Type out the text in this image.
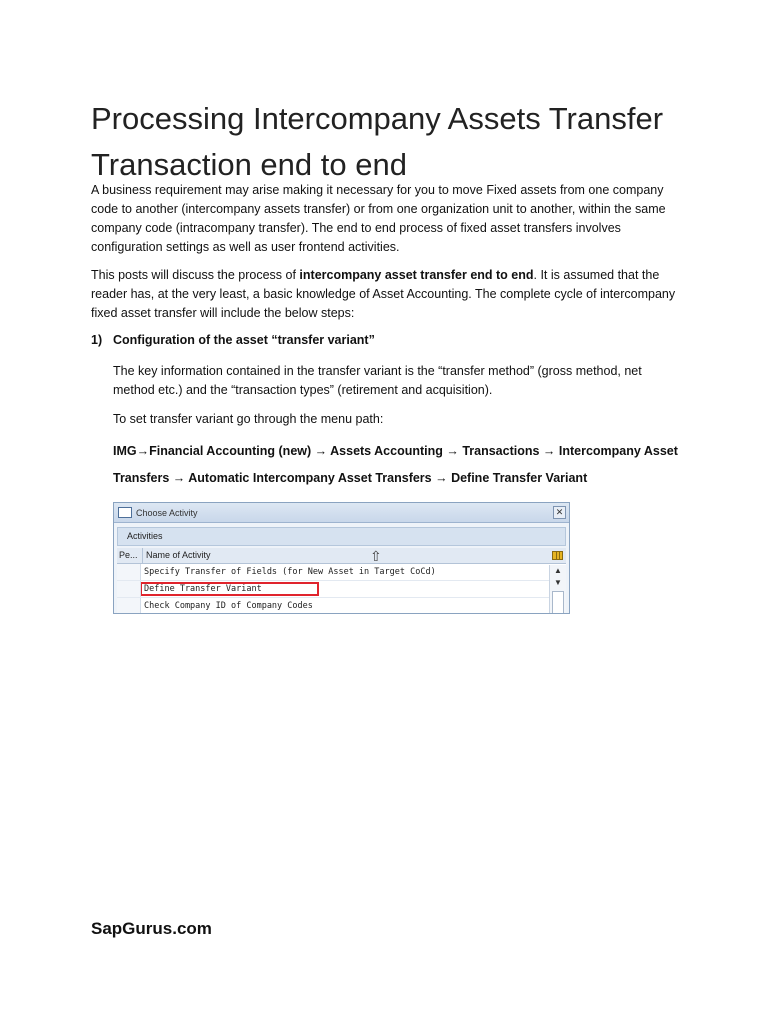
Processing Intercompany Assets Transfer Transaction end to end

A business requirement may arise making it necessary for you to move Fixed assets from one company code to another (intercompany assets transfer) or from one organization unit to another, within the same company code (intracompany transfer). The end to end process of fixed asset transfers involves configuration settings as well as user frontend activities.

This posts will discuss the process of intercompany asset transfer end to end. It is assumed that the reader has, at the very least, a basic knowledge of Asset Accounting. The complete cycle of intercompany fixed asset transfer will include the below steps:

1) Configuration of the asset “transfer variant”

The key information contained in the transfer variant is the “transfer method” (gross method, net method etc.) and the “transaction types” (retirement and acquisition).

To set transfer variant go through the menu path:

IMG→Financial Accounting (new) → Assets Accounting → Transactions → Intercompany Asset Transfers → Automatic Intercompany Asset Transfers → Define Transfer Variant

Choose Activity	✕
Activities
Pe... Name of Activity
Specify Transfer of Fields (for New Asset in Target CoCd)
Define Transfer Variant
Check Company ID of Company Codes
▲
▼
⇧
SapGurus.com
